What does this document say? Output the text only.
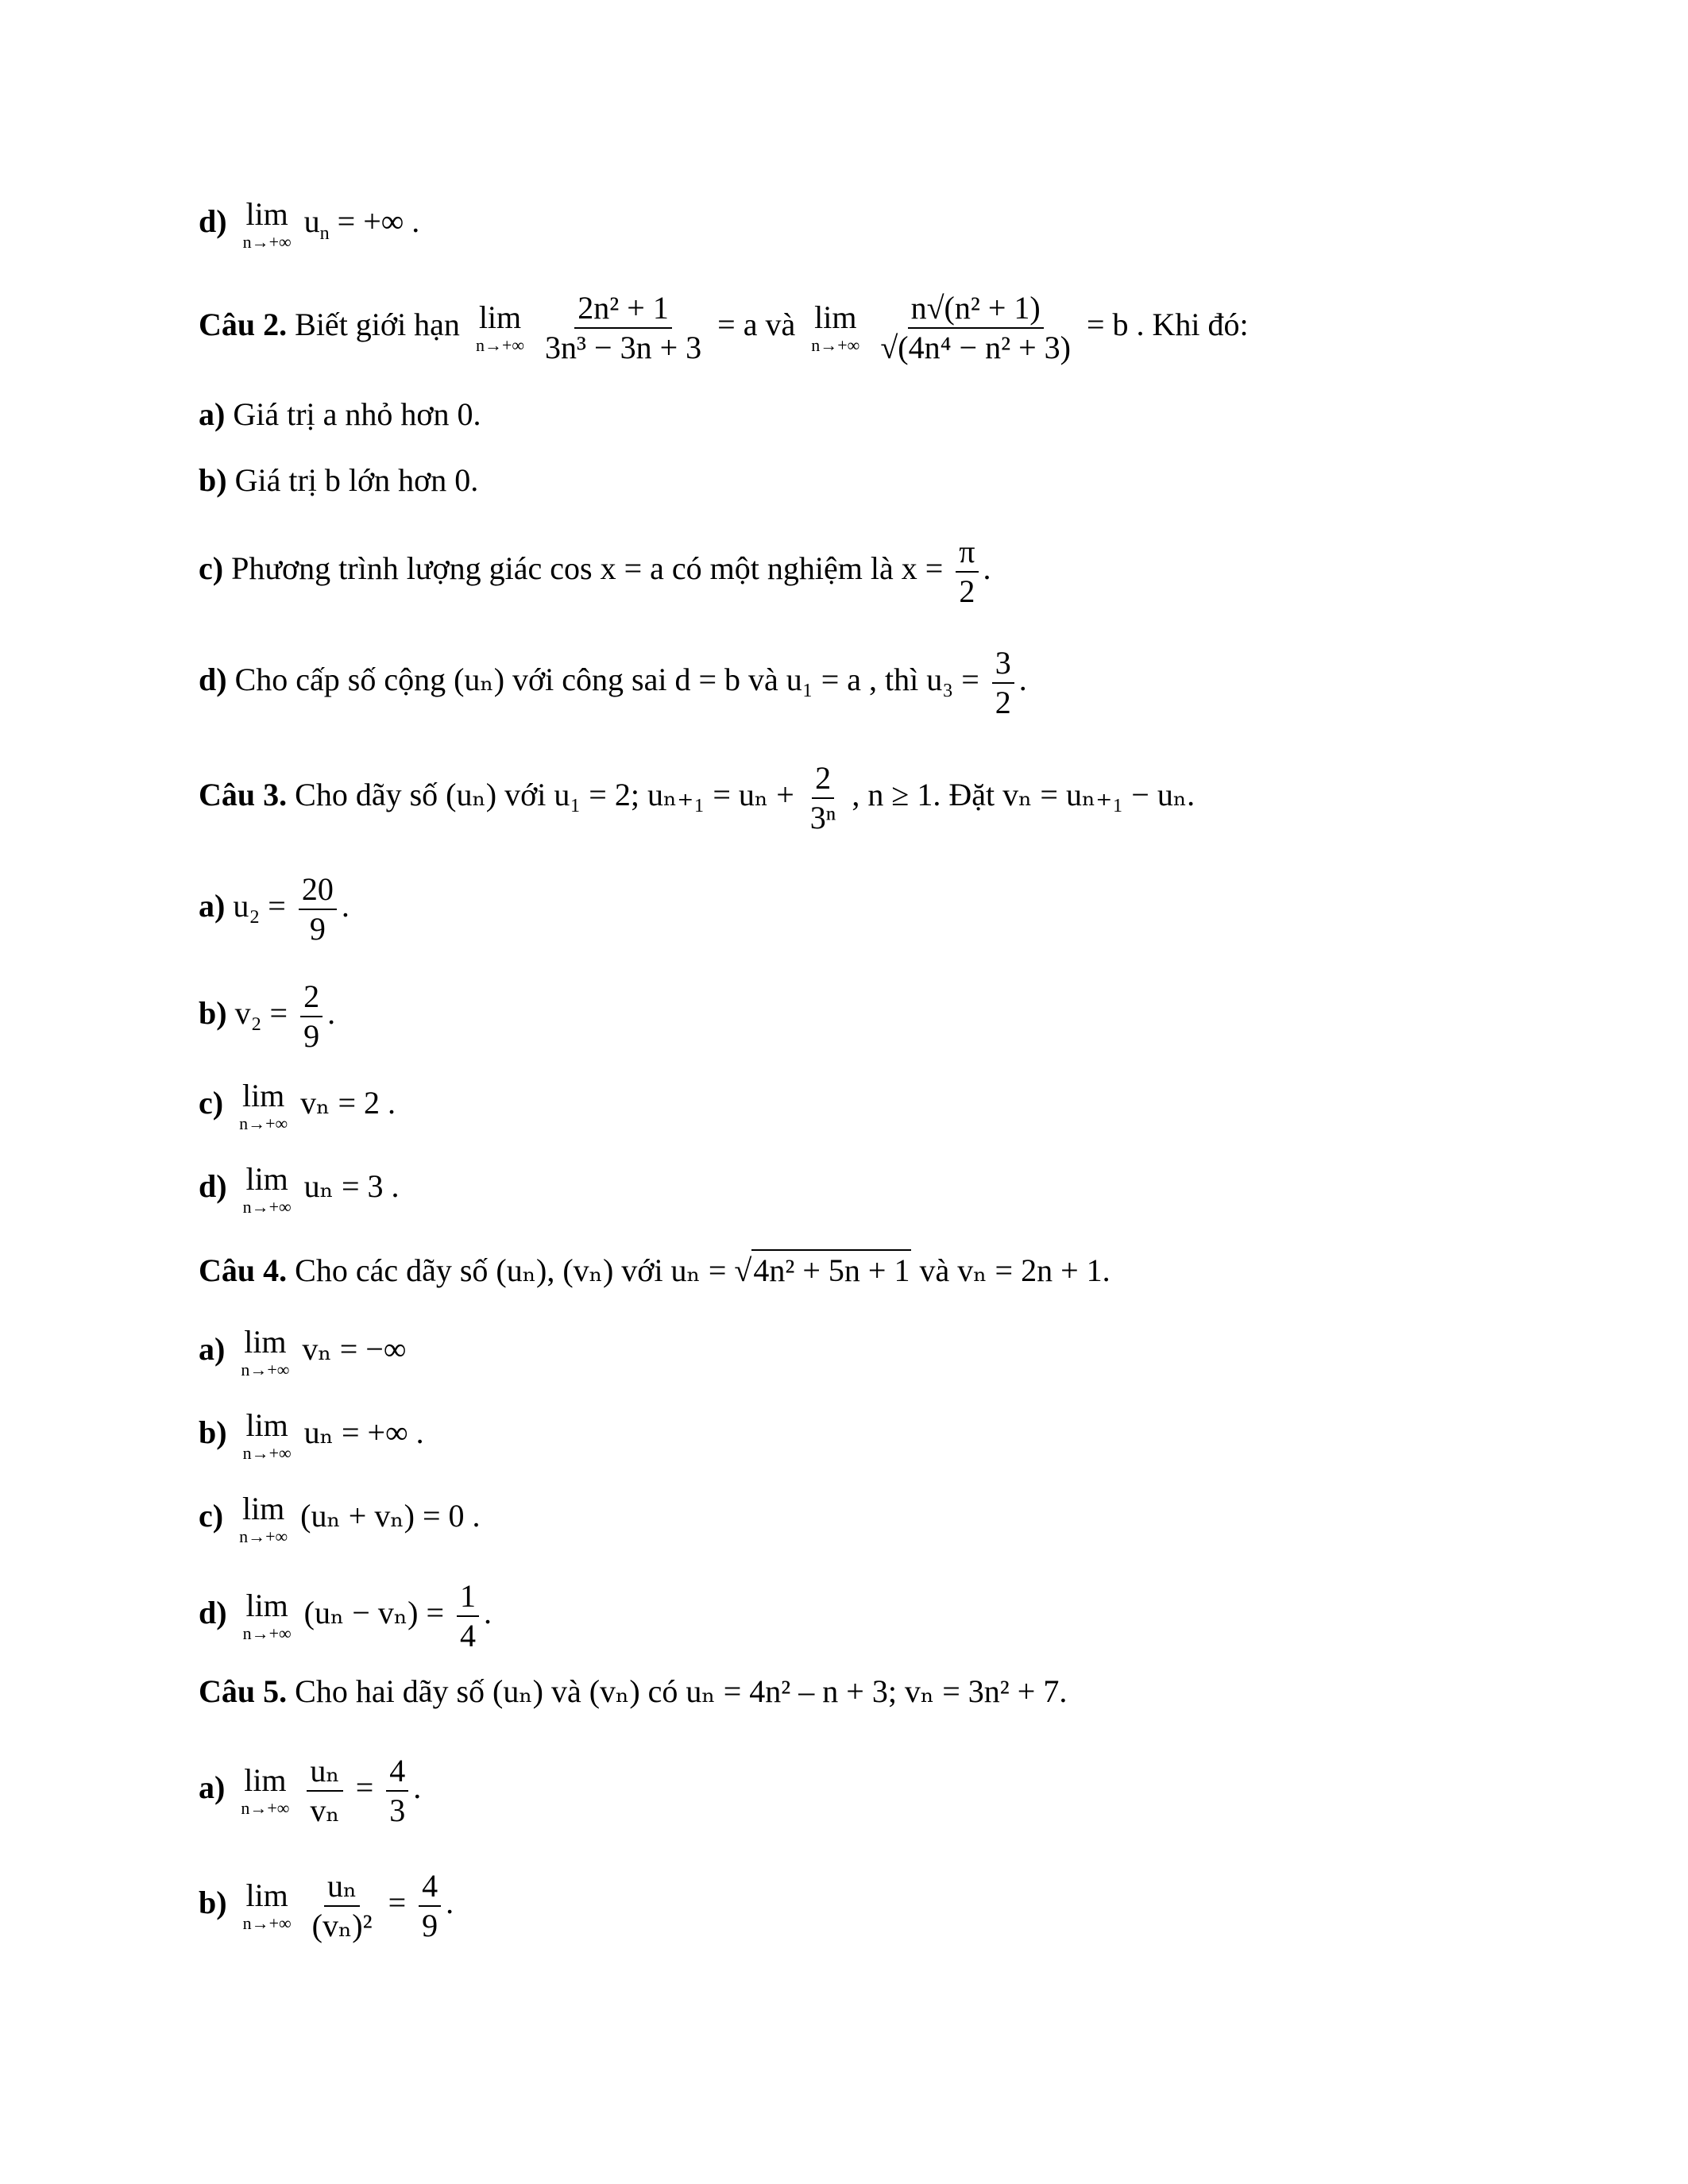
d) lim
n→+∞
$u_n$ = +∞ .
Câu 2. Biết giới hạn lim
n→+∞
$\frac{\text{2n² + 1}}{\text{3n³ − 3n + 3}} = a$ và lim
n→+∞
$\frac{\text{n√(n² + 1)}}{\text{√(4n⁴ − n² + 3)}} = b$ . Khi đó:
a) Giá trị a nhỏ hơn 0.
b) Giá trị b lớn hơn 0.
c) Phương trình lượng giác cos x = a có một nghiệm là $x = \frac{\pi}{2}$ .
d) Cho cấp số cộng (uₙ) với công sai d = b và u₁ = a , thì $u_3 = \frac{3}{2}$ .
Câu 3. Cho dãy số (uₙ) với u₁ = 2; $u_{n+1} = u_n + \frac{2}{\text{3ⁿ}}$ , n ≥ 1. Đặt vₙ = uₙ₊₁ − uₙ.
a) $u_2 = \frac{20}{9}$ .
b) $v_2 = \frac{2}{9}$ .
c) lim
n→+∞
vₙ = 2 .
d) lim
n→+∞
uₙ = 3 .
Câu 4. Cho các dãy số (uₙ), (vₙ) với uₙ = √4n² + 5n + 1 và vₙ = 2n + 1.
a) lim
n→+∞
vₙ = −∞
b) lim
n→+∞
uₙ = +∞ .
c) lim
n→+∞
(uₙ + vₙ) = 0 .
d) lim
n→+∞
$(u_n - v_n) = \frac{1}{4}$ .
Câu 5. Cho hai dãy số (uₙ) và (vₙ) có uₙ = 4n² – n + 3; vₙ = 3n² + 7.
a) lim
n→+∞
$\frac{\text{uₙ}}{\text{vₙ}} = \frac{4}{3}$ .
b) lim
n→+∞
$\frac{\text{uₙ}}{\text{(vₙ)²}} = \frac{4}{9}$ .
